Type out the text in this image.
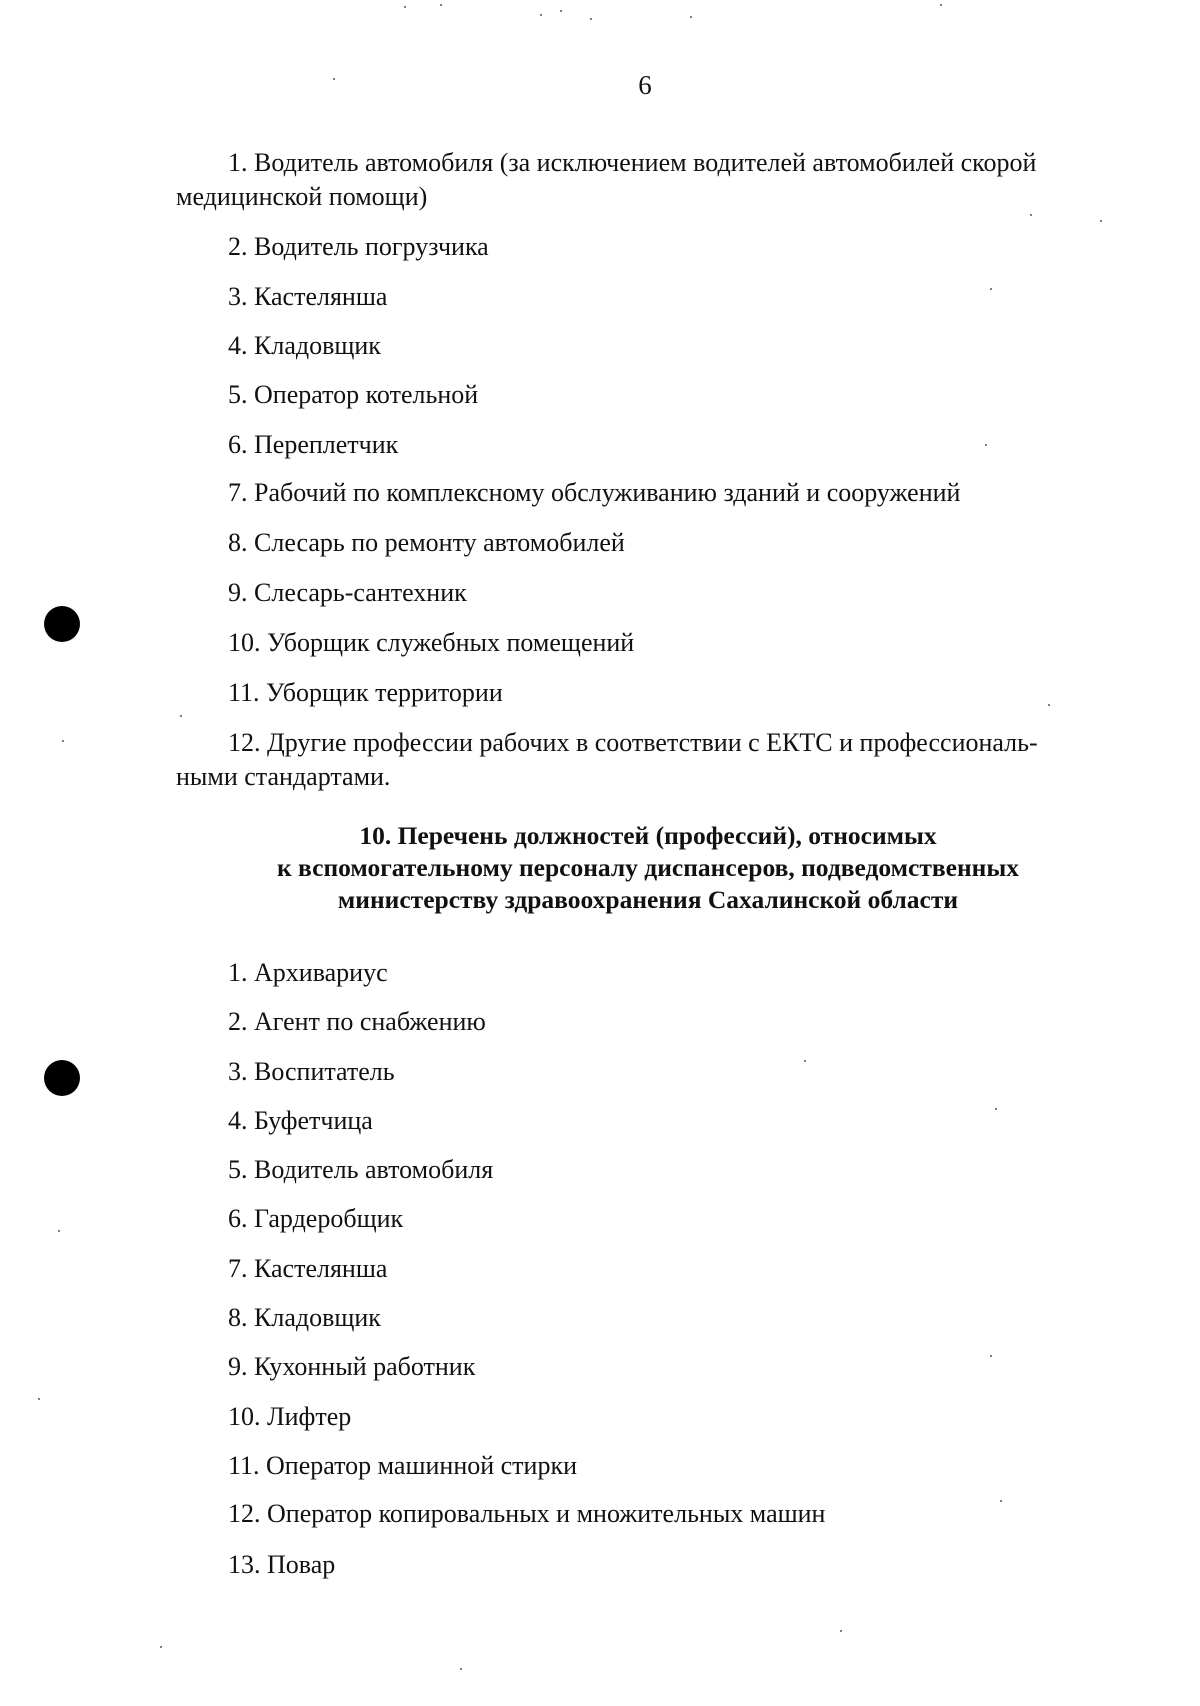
6
1. Водитель автомобиля (за исключением водителей автомобилей скорой
медицинской помощи)
2. Водитель погрузчика
3. Кастелянша
4. Кладовщик
5. Оператор котельной
6. Переплетчик
7. Рабочий по комплексному обслуживанию зданий и сооружений
8. Слесарь по ремонту автомобилей
9. Слесарь-сантехник
10. Уборщик служебных помещений
11. Уборщик территории
12. Другие профессии рабочих в соответствии с ЕКТС и профессиональ-
ными стандартами.
10. Перечень должностей (профессий), относимых
к вспомогательному персоналу диспансеров, подведомственных
министерству здравоохранения Сахалинской области
1. Архивариус
2. Агент по снабжению
3. Воспитатель
4. Буфетчица
5. Водитель автомобиля
6. Гардеробщик
7. Кастелянша
8. Кладовщик
9. Кухонный работник
10. Лифтер
11. Оператор машинной стирки
12. Оператор копировальных и множительных машин
13. Повар
